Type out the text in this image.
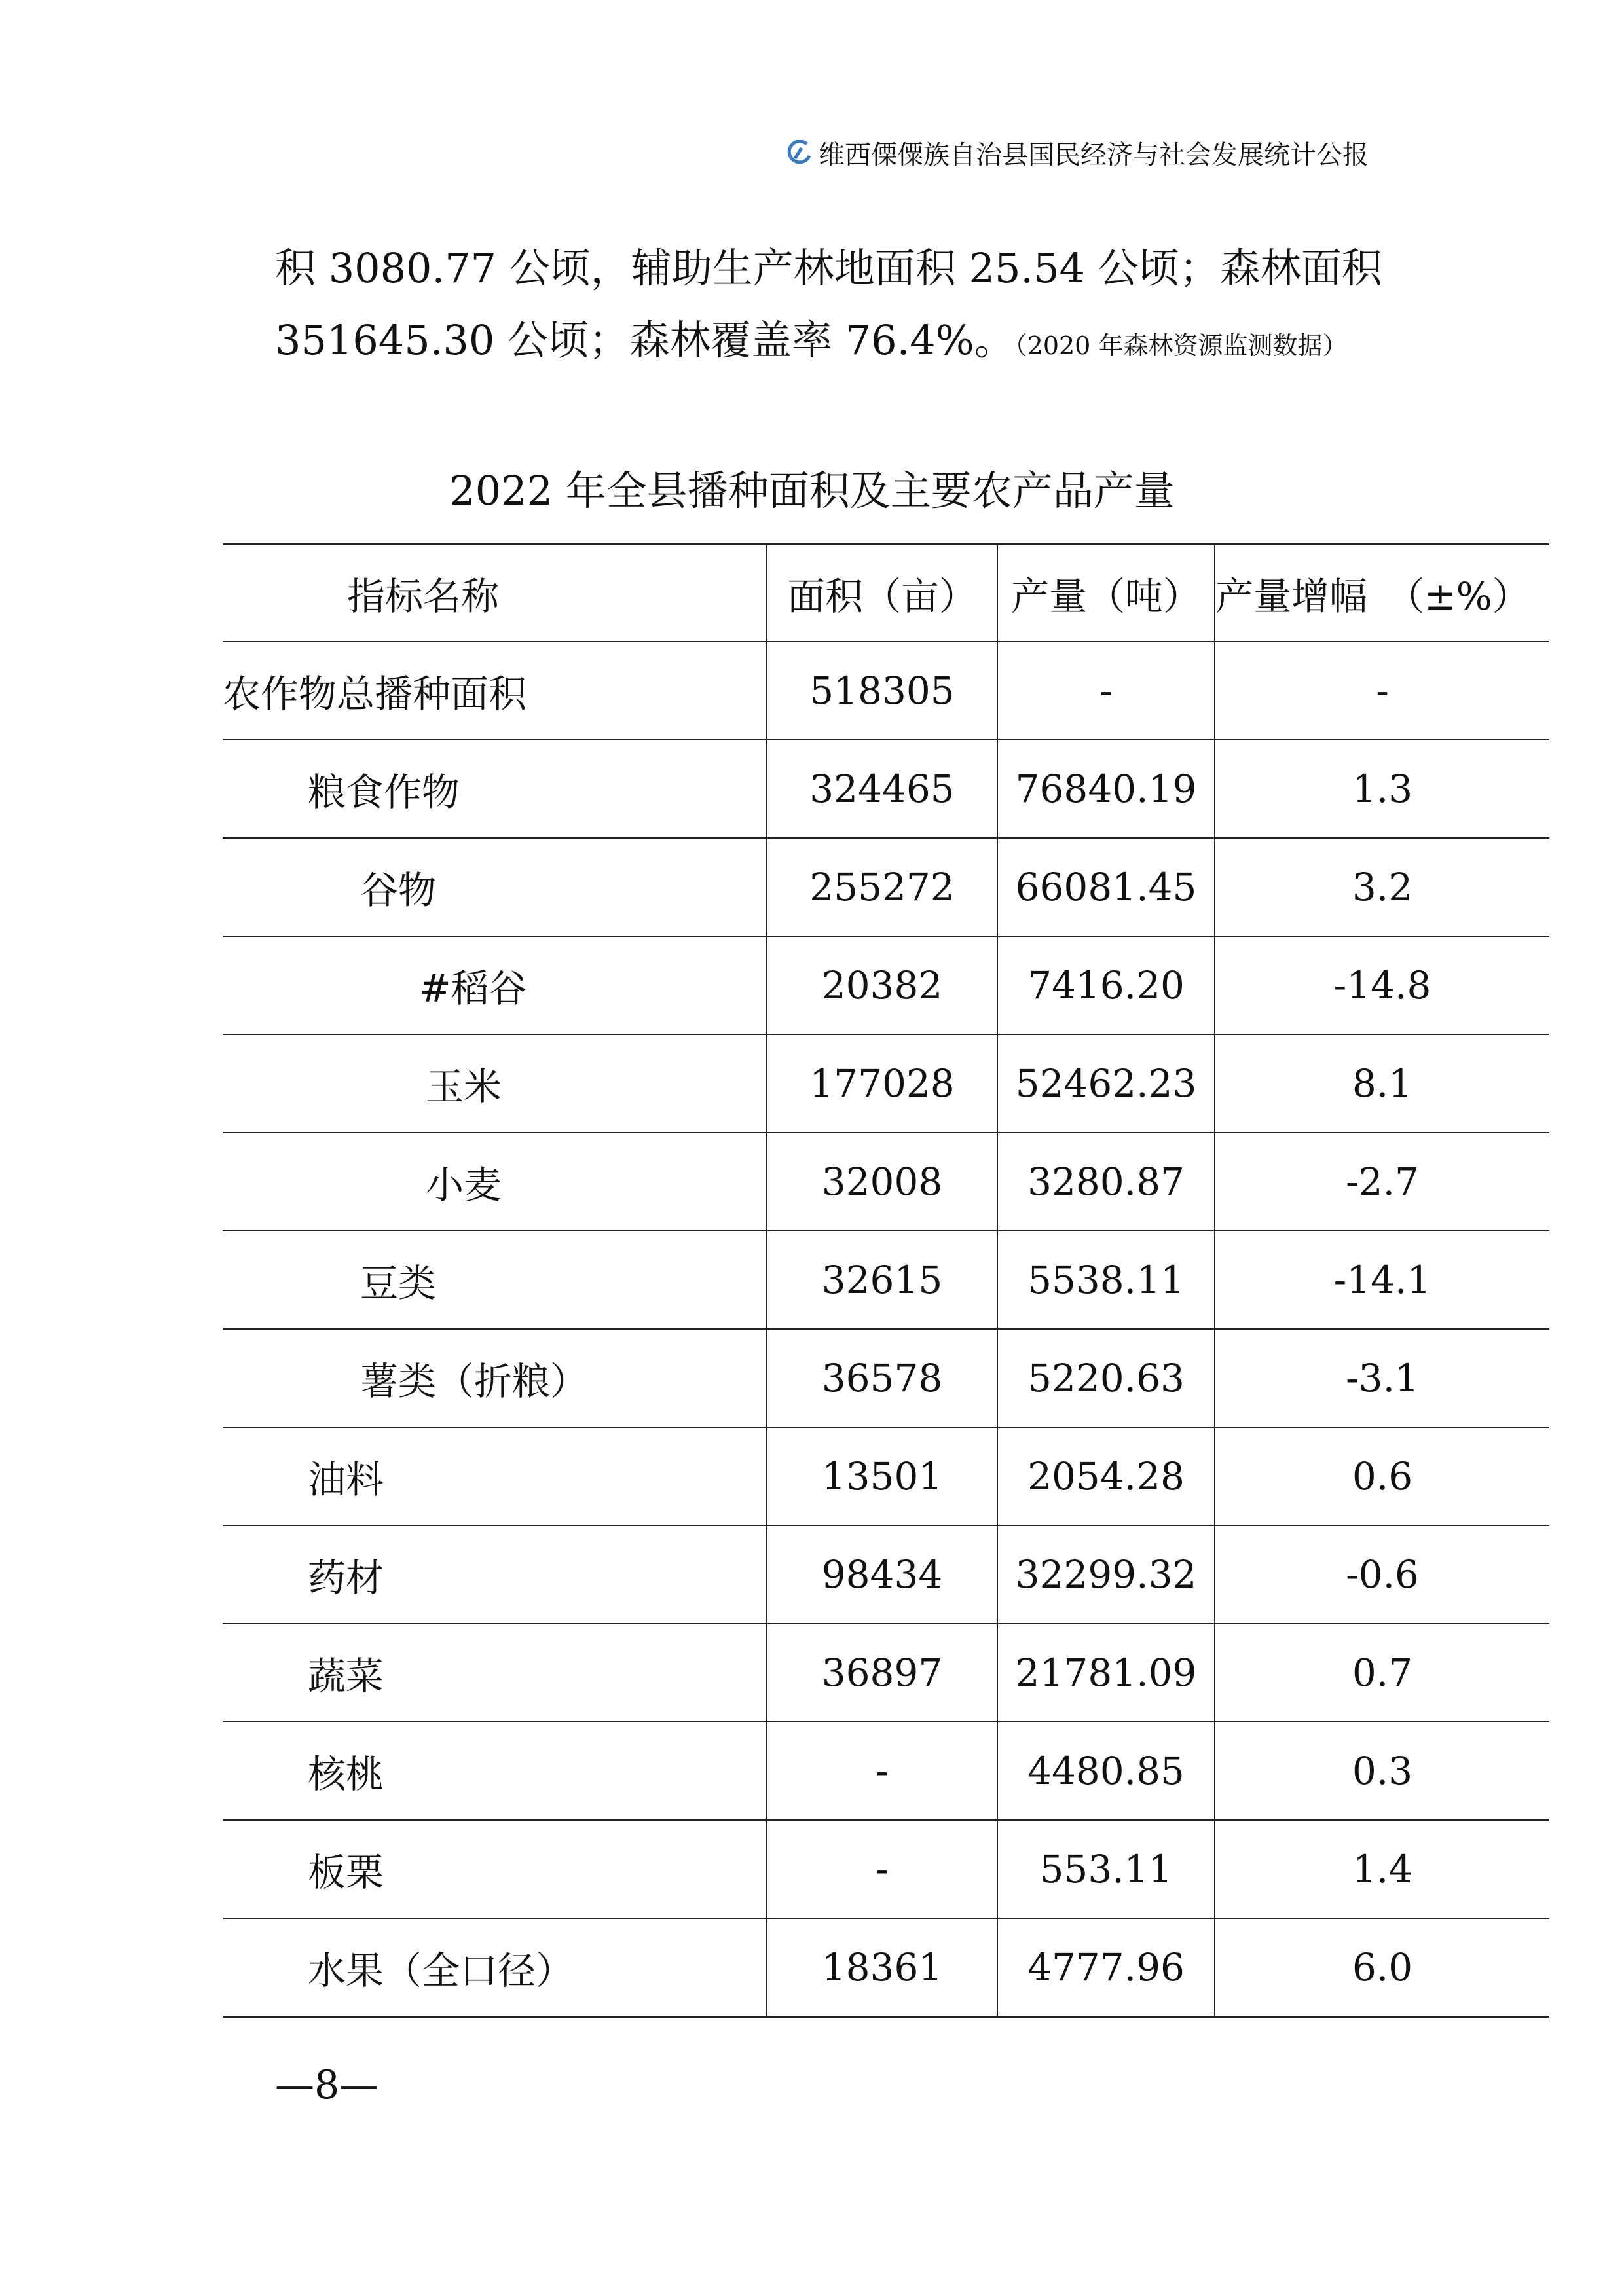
维西傈僳族自治县国民经济与社会发展统计公报
积 3080.77 公顷，辅助生产林地面积 25.54 公顷；森林面积
351645.30 公顷；森林覆盖率 76.4%。（2020 年森林资源监测数据）
2022 年全县播种面积及主要农产品产量
指标名称	面积（亩）	产量（吨）	产量增幅　（±%）
农作物总播种面积	518305	-	-
粮食作物	324465	76840.19	1.3
谷物	255272	66081.45	3.2
#稻谷	20382	7416.20	-14.8
玉米	177028	52462.23	8.1
小麦	32008	3280.87	-2.7
豆类	32615	5538.11	-14.1
薯类（折粮）	36578	5220.63	-3.1
油料	13501	2054.28	0.6
药材	98434	32299.32	-0.6
蔬菜	36897	21781.09	0.7
核桃	-	4480.85	0.3
板栗	-	553.11	1.4
水果（全口径）	18361	4777.96	6.0
—8—
